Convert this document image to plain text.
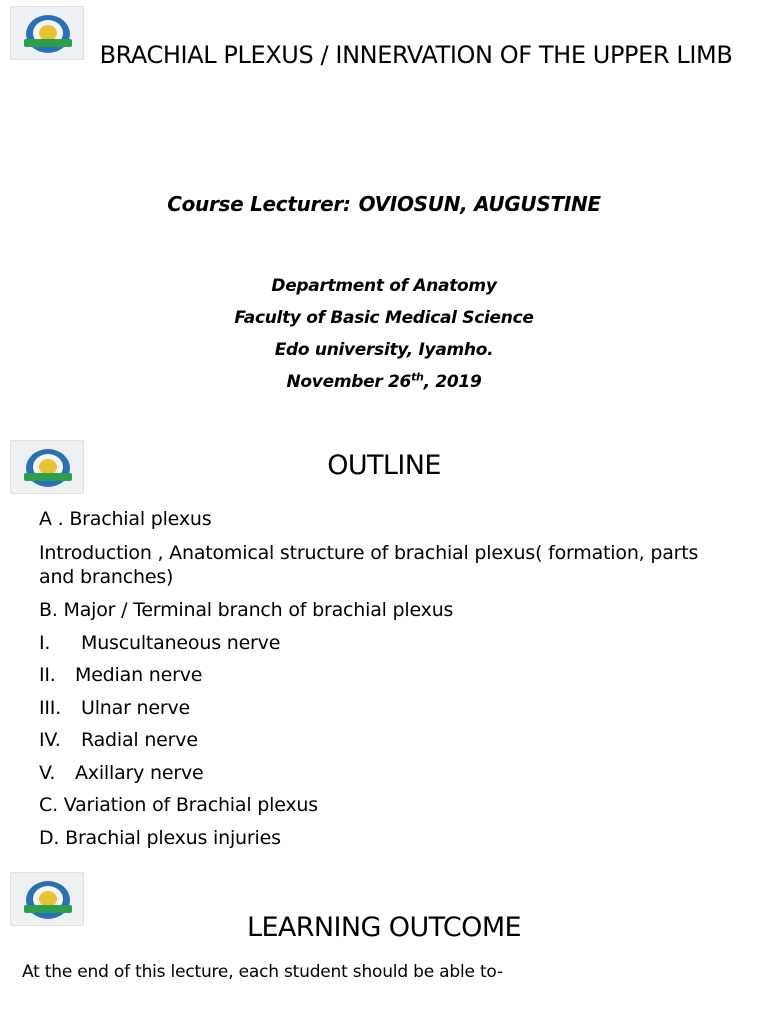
BRACHIAL PLEXUS / INNERVATION OF THE UPPER LIMB
Course Lecturer: OVIOSUN, AUGUSTINE
Department of Anatomy
Faculty of Basic Medical Science
Edo university, Iyamho.
November 26th, 2019
OUTLINE
A . Brachial plexus
Introduction , Anatomical structure of brachial plexus( formation, parts and branches)
B. Major / Terminal branch of brachial plexus
I. Muscultaneous nerve
II. Median nerve
III. Ulnar nerve
IV. Radial nerve
V. Axillary nerve
C. Variation of Brachial plexus
D. Brachial plexus injuries
LEARNING OUTCOME
At the end of this lecture, each student should be able to-
